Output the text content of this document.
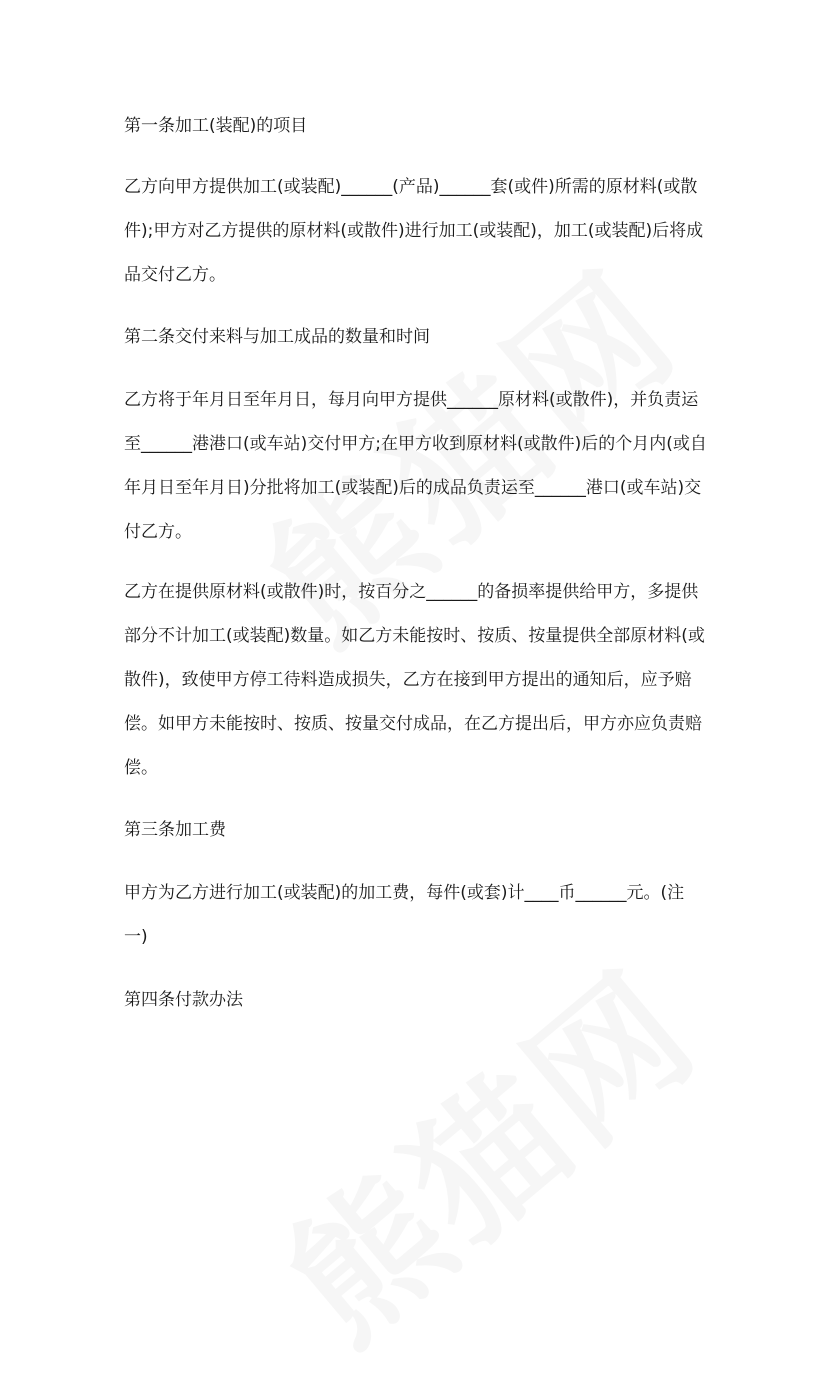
第一条加工(装配)的项目
乙方向甲方提供加工(或装配)______(产品)______套(或件)所需的原材料(或散
件);甲方对乙方提供的原材料(或散件)进行加工(或装配)，加工(或装配)后将成
品交付乙方。
第二条交付来料与加工成品的数量和时间
乙方将于年月日至年月日，每月向甲方提供______原材料(或散件)，并负责运
至______港港口(或车站)交付甲方;在甲方收到原材料(或散件)后的个月内(或自
年月日至年月日)分批将加工(或装配)后的成品负责运至______港口(或车站)交
付乙方。
乙方在提供原材料(或散件)时，按百分之______的备损率提供给甲方，多提供
部分不计加工(或装配)数量。如乙方未能按时、按质、按量提供全部原材料(或
散件)，致使甲方停工待料造成损失，乙方在接到甲方提出的通知后，应予赔
偿。如甲方未能按时、按质、按量交付成品，在乙方提出后，甲方亦应负责赔
偿。
第三条加工费
甲方为乙方进行加工(或装配)的加工费，每件(或套)计____币______元。(注
一)
第四条付款办法
